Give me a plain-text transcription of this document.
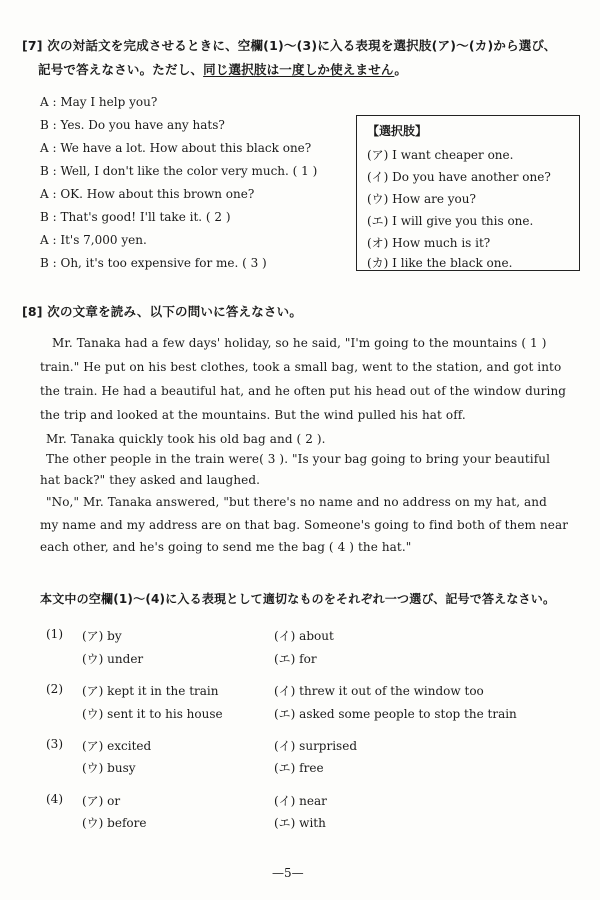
[7] 次の対話文を完成させるときに、空欄(1)〜(3)に入る表現を選択肢(ア)〜(カ)から選び、
記号で答えなさい。ただし、同じ選択肢は一度しか使えません。
A : May I help you?
B : Yes. Do you have any hats?
A : We have a lot. How about this black one?
B : Well, I don't like the color very much. ( 1 )
A : OK. How about this brown one?
B : That's good! I'll take it. ( 2 )
A : It's 7,000 yen.
B : Oh, it's too expensive for me. ( 3 )
【選択肢】
(ア) I want cheaper one.
(イ) Do you have another one?
(ウ) How are you?
(エ) I will give you this one.
(オ) How much is it?
(カ) I like the black one.
[8] 次の文章を読み、以下の問いに答えなさい。
Mr. Tanaka had a few days' holiday, so he said, "I'm going to the mountains ( 1 )
train." He put on his best clothes, took a small bag, went to the station, and got into
the train. He had a beautiful hat, and he often put his head out of the window during
the trip and looked at the mountains. But the wind pulled his hat off.
Mr. Tanaka quickly took his old bag and ( 2 ).
The other people in the train were( 3 ). "Is your bag going to bring your beautiful
hat back?" they asked and laughed.
"No," Mr. Tanaka answered, "but there's no name and no address on my hat, and
my name and my address are on that bag. Someone's going to find both of them near
each other, and he's going to send me the bag ( 4 ) the hat."
本文中の空欄(1)〜(4)に入る表現として適切なものをそれぞれ一つ選び、記号で答えなさい。
(1) (ア) by	(イ) about
(ウ) under	(エ) for
(2) (ア) kept it in the train	(イ) threw it out of the window too
(ウ) sent it to his house	(エ) asked some people to stop the train
(3) (ア) excited	(イ) surprised
(ウ) busy	(エ) free
(4) (ア) or	(イ) near
(ウ) before	(エ) with
—5—
